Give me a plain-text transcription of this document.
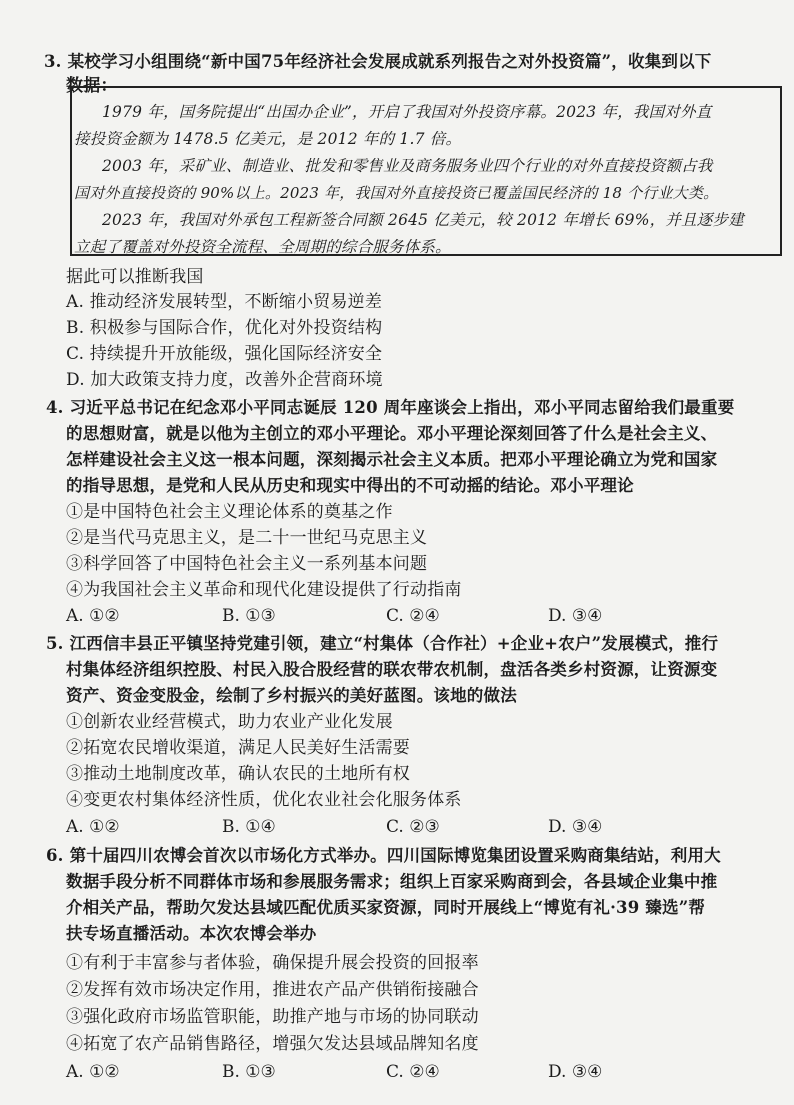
3. 某校学习小组围绕“新中国75年经济社会发展成就系列报告之对外投资篇”，收集到以下
数据：
1979 年，国务院提出“出国办企业”，开启了我国对外投资序幕。2023 年，我国对外直
接投资金额为 1478.5 亿美元，是 2012 年的 1.7 倍。
2003 年，采矿业、制造业、批发和零售业及商务服务业四个行业的对外直接投资额占我
国对外直接投资的 90%以上。2023 年，我国对外直接投资已覆盖国民经济的 18 个行业大类。
2023 年，我国对外承包工程新签合同额 2645 亿美元，较 2012 年增长 69%，并且逐步建
立起了覆盖对外投资全流程、全周期的综合服务体系。
据此可以推断我国
A. 推动经济发展转型，不断缩小贸易逆差
B. 积极参与国际合作，优化对外投资结构
C. 持续提升开放能级，强化国际经济安全
D. 加大政策支持力度，改善外企营商环境
4. 习近平总书记在纪念邓小平同志诞辰 120 周年座谈会上指出，邓小平同志留给我们最重要
的思想财富，就是以他为主创立的邓小平理论。邓小平理论深刻回答了什么是社会主义、
怎样建设社会主义这一根本问题，深刻揭示社会主义本质。把邓小平理论确立为党和国家
的指导思想，是党和人民从历史和现实中得出的不可动摇的结论。邓小平理论
①是中国特色社会主义理论体系的奠基之作
②是当代马克思主义，是二十一世纪马克思主义
③科学回答了中国特色社会主义一系列基本问题
④为我国社会主义革命和现代化建设提供了行动指南
A. ①②	B. ①③	C. ②④	D. ③④
5. 江西信丰县正平镇坚持党建引领，建立“村集体（合作社）+企业+农户”发展模式，推行
村集体经济组织控股、村民入股合股经营的联农带农机制，盘活各类乡村资源，让资源变
资产、资金变股金，绘制了乡村振兴的美好蓝图。该地的做法
①创新农业经营模式，助力农业产业化发展
②拓宽农民增收渠道，满足人民美好生活需要
③推动土地制度改革，确认农民的土地所有权
④变更农村集体经济性质，优化农业社会化服务体系
A. ①②	B. ①④	C. ②③	D. ③④
6. 第十届四川农博会首次以市场化方式举办。四川国际博览集团设置采购商集结站，利用大
数据手段分析不同群体市场和参展服务需求；组织上百家采购商到会，各县域企业集中推
介相关产品，帮助欠发达县域匹配优质买家资源，同时开展线上“博览有礼·39 臻选”帮
扶专场直播活动。本次农博会举办
①有利于丰富参与者体验，确保提升展会投资的回报率
②发挥有效市场决定作用，推进农产品产供销衔接融合
③强化政府市场监管职能，助推产地与市场的协同联动
④拓宽了农产品销售路径，增强欠发达县域品牌知名度
A. ①②	B. ①③	C. ②④	D. ③④
